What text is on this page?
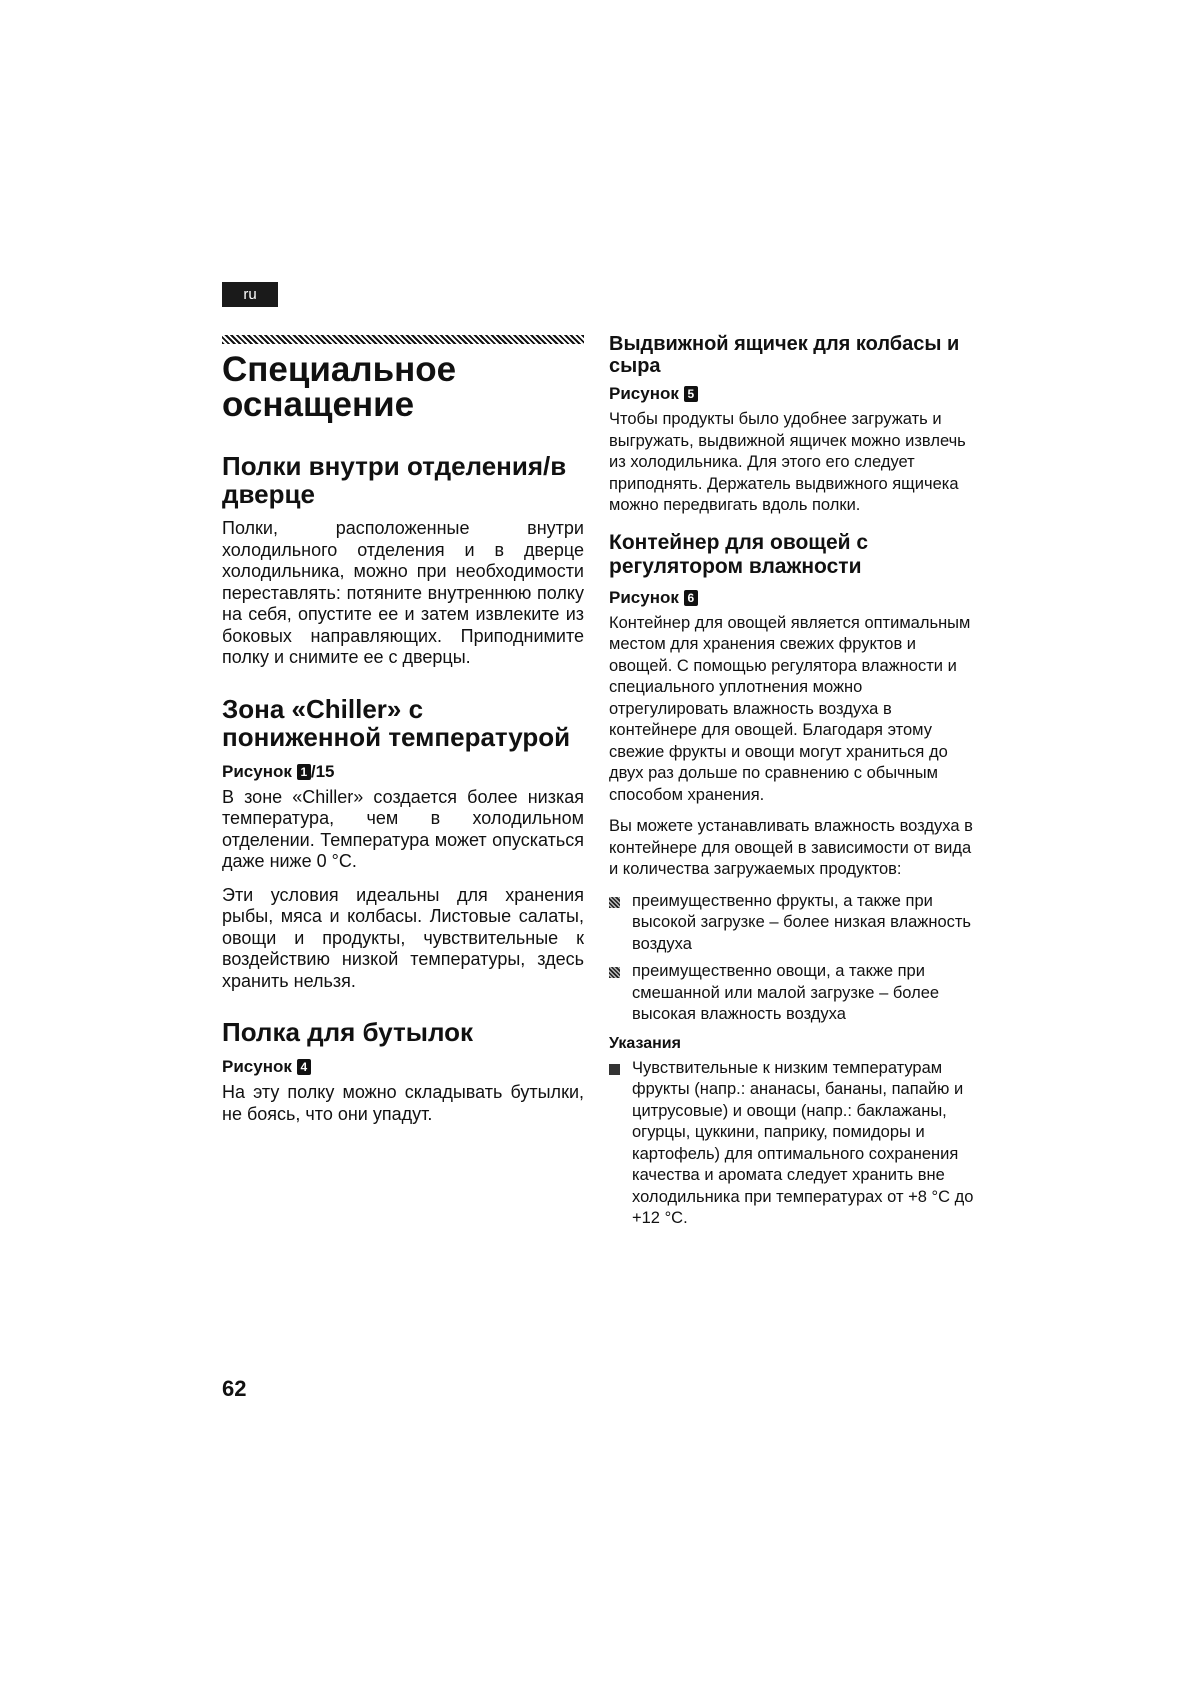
ru
Специальное оснащение
Полки внутри отделения/в дверце

Полки, расположенные внутри холодильного отделения и в дверце холодильника, можно при необходимости переставлять: потяните внутреннюю полку на себя, опустите ее и затем извлеките из боковых направляющих. Приподнимите полку и снимите ее с дверцы.

Зона «Chiller» с пониженной температурой
Рисунок 1 /15

В зоне «Chiller» создается более низкая температура, чем в холодильном отделении. Температура может опускаться даже ниже 0 °С.

Эти условия идеальны для хранения рыбы, мяса и колбасы. Листовые салаты, овощи и продукты, чувствительные к воздействию низкой температуры, здесь хранить нельзя.

Полка для бутылок
Рисунок 4

На эту полку можно складывать бутылки, не боясь, что они упадут.

Выдвижной ящичек для колбасы и сыра
Рисунок 5

Чтобы продукты было удобнее загружать и выгружать, выдвижной ящичек можно извлечь из холодильника. Для этого его следует приподнять. Держатель выдвижного ящичека можно передвигать вдоль полки.

Контейнер для овощей с регулятором влажности
Рисунок 6

Контейнер для овощей является оптимальным местом для хранения свежих фруктов и овощей. С помощью регулятора влажности и специального уплотнения можно отрегулировать влажность воздуха в контейнере для овощей. Благодаря этому свежие фрукты и овощи могут храниться до двух раз дольше по сравнению с обычным способом хранения.

Вы можете устанавливать влажность воздуха в контейнере для овощей в зависимости от вида и количества загружаемых продуктов:

преимущественно фрукты, а также при высокой загрузке – более низкая влажность воздуха
преимущественно овощи, а также при смешанной или малой загрузке – более высокая влажность воздуха
Указания
Чувствительные к низким температурам фрукты (напр.: ананасы, бананы, папайю и цитрусовые) и овощи (напр.: баклажаны, огурцы, цуккини, паприку, помидоры и картофель) для оптимального сохранения качества и аромата следует хранить вне холодильника при температурах от +8 °C до +12 °C.
62
